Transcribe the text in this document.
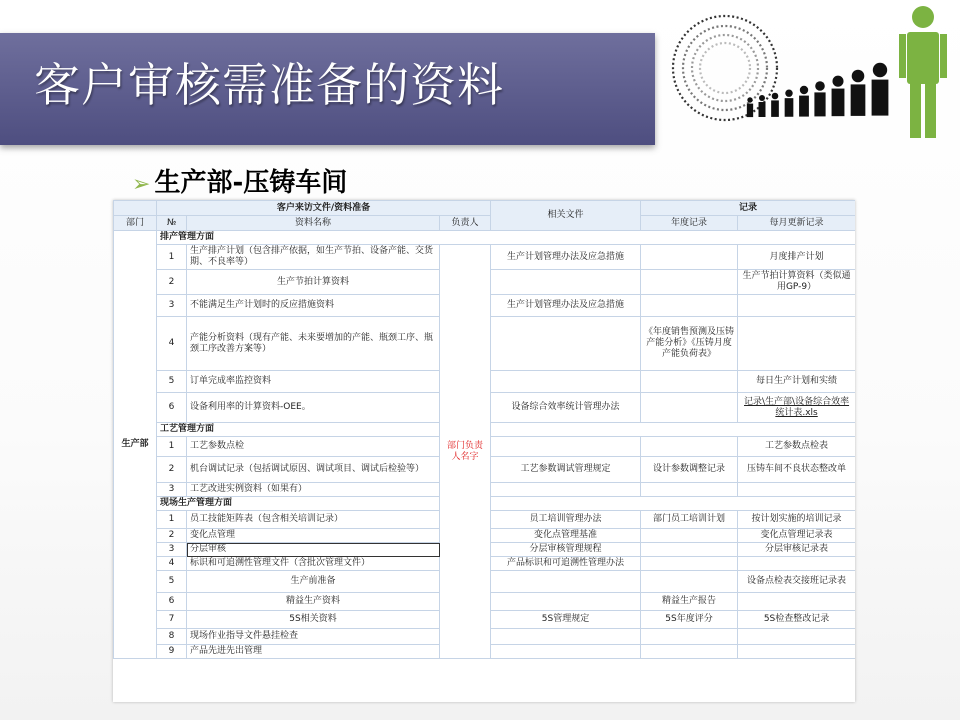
客户审核需准备的资料
➢ 生产部-压铸车间
	客户来访文件/资料准备			相关文件	记录	
部门	№	资料名称	负责人		年度记录	每月更新记录
生产部	排产管理方面					
	1	生产排产计划（包含排产依据，如生产节拍、设备产能、交货期、不良率等）	部门负责人名字	生产计划管理办法及应急措施		月度排产计划
	2	生产节拍计算资料				生产节拍计算资料（类似通用GP-9）
	3	不能满足生产计划时的反应措施资料		生产计划管理办法及应急措施		
	4	产能分析资料（现有产能、未来要增加的产能、瓶颈工序、瓶颈工序改善方案等）			《年度销售预测及压铸产能分析》《压铸月度产能负荷表》	
	5	订单完成率监控资料				每日生产计划和实绩
	6	设备利用率的计算资料-OEE。		设备综合效率统计管理办法		记录\生产部\设备综合效率统计表.xls
	工艺管理方面					
	1	工艺参数点检				工艺参数点检表
	2	机台调试记录（包括调试原因、调试项目、调试后检验等）		工艺参数调试管理规定	设计参数调整记录	压铸车间不良状态整改单
	3	工艺改进实例资料（如果有）				
	现场生产管理方面					
	1	员工技能矩阵表（包含相关培训记录）		员工培训管理办法	部门员工培训计划	按计划实施的培训记录
	2	变化点管理		变化点管理基准		变化点管理记录表
	3	分层审核		分层审核管理规程		分层审核记录表
	4	标识和可追溯性管理文件（含批次管理文件）		产品标识和可追溯性管理办法		
	5	生产前准备				设备点检表交接班记录表
	6	精益生产资料			精益生产报告	
	7	5S相关资料		5S管理规定	5S年度评分	5S检查整改记录
	8	现场作业指导文件悬挂检查				
	9	产品先进先出管理				
